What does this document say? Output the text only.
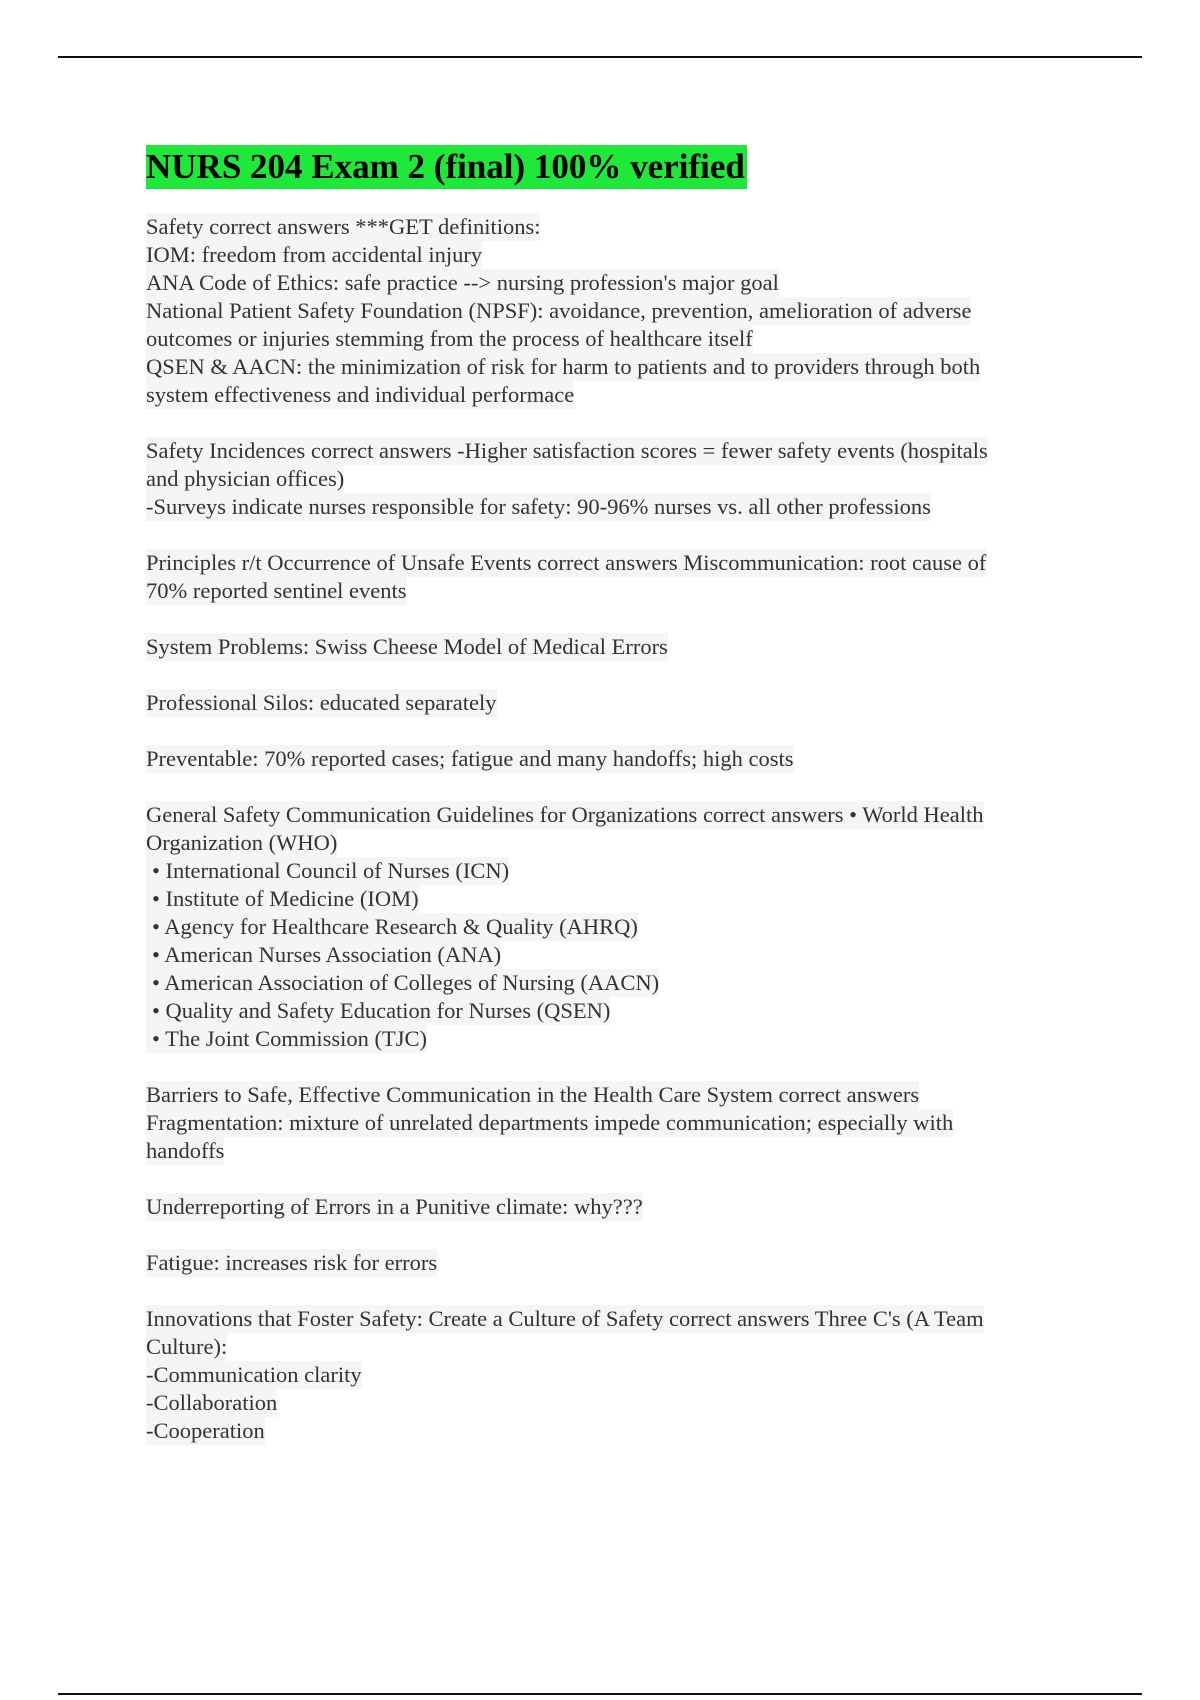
NURS 204 Exam 2 (final) 100% verified
Safety correct answers ***GET definitions:
IOM: freedom from accidental injury
ANA Code of Ethics: safe practice --> nursing profession's major goal
National Patient Safety Foundation (NPSF): avoidance, prevention, amelioration of adverse
outcomes or injuries stemming from the process of healthcare itself
QSEN & AACN: the minimization of risk for harm to patients and to providers through both
system effectiveness and individual performace
Safety Incidences correct answers -Higher satisfaction scores = fewer safety events (hospitals
and physician offices)
-Surveys indicate nurses responsible for safety: 90-96% nurses vs. all other professions
Principles r/t Occurrence of Unsafe Events correct answers Miscommunication: root cause of
70% reported sentinel events
System Problems: Swiss Cheese Model of Medical Errors
Professional Silos: educated separately
Preventable: 70% reported cases; fatigue and many handoffs; high costs
General Safety Communication Guidelines for Organizations correct answers • World Health
Organization (WHO)
• International Council of Nurses (ICN)
• Institute of Medicine (IOM)
• Agency for Healthcare Research & Quality (AHRQ)
• American Nurses Association (ANA)
• American Association of Colleges of Nursing (AACN)
• Quality and Safety Education for Nurses (QSEN)
• The Joint Commission (TJC)
Barriers to Safe, Effective Communication in the Health Care System correct answers
Fragmentation: mixture of unrelated departments impede communication; especially with
handoffs
Underreporting of Errors in a Punitive climate: why???
Fatigue: increases risk for errors
Innovations that Foster Safety: Create a Culture of Safety correct answers Three C's (A Team
Culture):
-Communication clarity
-Collaboration
-Cooperation
